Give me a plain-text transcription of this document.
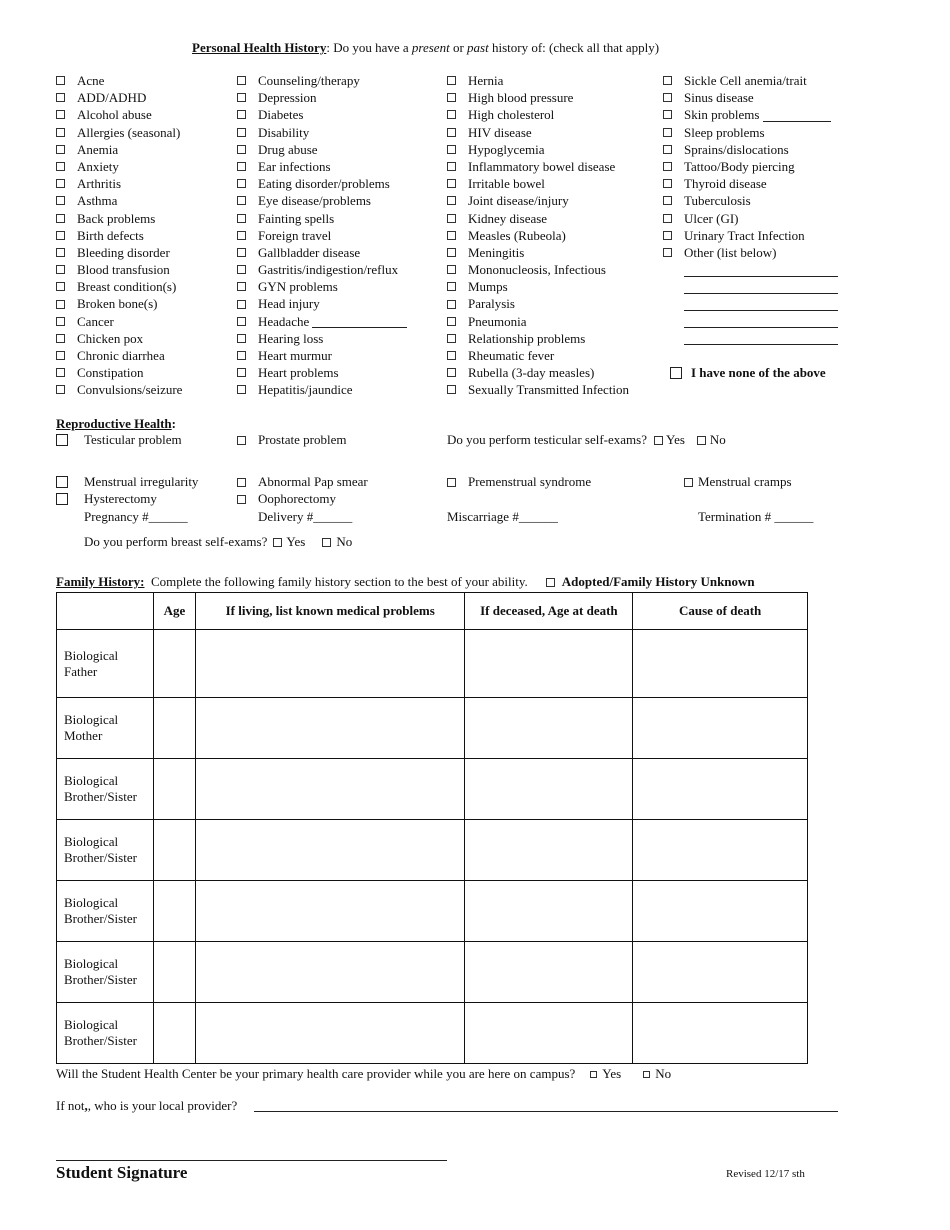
Personal Health History: Do you have a present or past history of: (check all that apply)
Acne
ADD/ADHD
Alcohol abuse
Allergies (seasonal)
Anemia
Anxiety
Arthritis
Asthma
Back problems
Birth defects
Bleeding disorder
Blood transfusion
Breast condition(s)
Broken bone(s)
Cancer
Chicken pox
Chronic diarrhea
Constipation
Convulsions/seizure
Counseling/therapy
Depression
Diabetes
Disability
Drug abuse
Ear infections
Eating disorder/problems
Eye disease/problems
Fainting spells
Foreign travel
Gallbladder disease
Gastritis/indigestion/reflux
GYN problems
Head injury
Headache
Hearing loss
Heart murmur
Heart problems
Hepatitis/jaundice
Hernia
High blood pressure
High cholesterol
HIV disease
Hypoglycemia
Inflammatory bowel disease
Irritable bowel
Joint disease/injury
Kidney disease
Measles (Rubeola)
Meningitis
Mononucleosis, Infectious
Mumps
Paralysis
Pneumonia
Relationship problems
Rheumatic fever
Rubella (3-day measles)
Sexually Transmitted Infection
Sickle Cell anemia/trait
Sinus disease
Skin problems
Sleep problems
Sprains/dislocations
Tattoo/Body piercing
Thyroid disease
Tuberculosis
Ulcer (GI)
Urinary Tract Infection
Other (list below)
I have none of the above
Reproductive Health:
Testicular problem	Prostate problem	Do you perform testicular self-exams? Yes No
Menstrual irregularity
Hysterectomy
Abnormal Pap smear
Oophorectomy
Premenstrual syndrome	Menstrual cramps
Pregnancy #______	Delivery #______	Miscarriage #______	Termination # ______
Do you perform breast self-exams? Yes No
Family History: Complete the following family history section to the best of your ability.	Adopted/Family History Unknown
	Age	If living, list known medical problems	If deceased, Age at death	Cause of death

Biological
Father				

Biological
Mother				

Biological
Brother/Sister				

Biological
Brother/Sister				

Biological
Brother/Sister				

Biological
Brother/Sister				

Biological
Brother/Sister				

Will the Student Health Center be your primary health care provider while you are here on campus? Yes	No
If not,, who is your local provider?
Student Signature	Revised 12/17 sth
